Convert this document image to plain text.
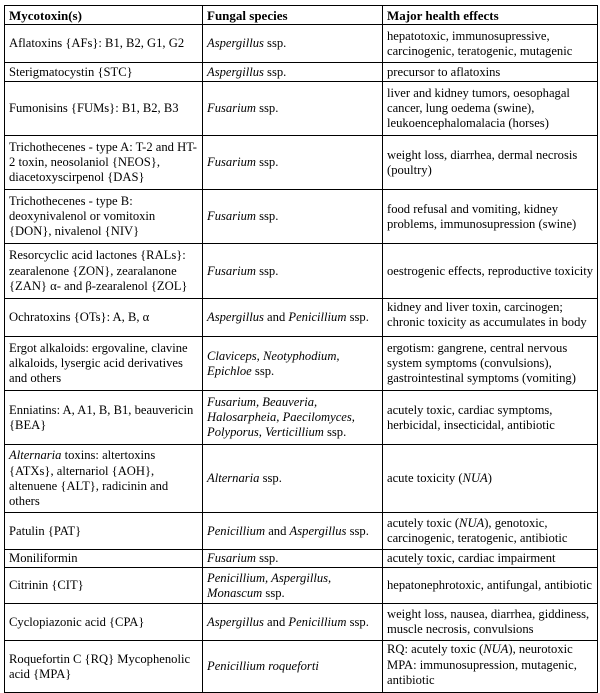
Mycotoxin(s)	Fungal species	Major health effects
Aflatoxins {AFs}: B1, B2, G1, G2	Aspergillus ssp.	hepatotoxic, immunosupressive, carcinogenic, teratogenic, mutagenic
Sterigmatocystin {STC}	Aspergillus ssp.	precursor to aflatoxins
Fumonisins {FUMs}: B1, B2, B3	Fusarium ssp.	liver and kidney tumors, oesophagal cancer, lung oedema (swine), leukoencephalomalacia (horses)
Trichothecenes - type A: T-2 and HT-2 toxin, neosolaniol {NEOS}, diacetoxyscirpenol {DAS}	Fusarium ssp.	weight loss, diarrhea, dermal necrosis (poultry)
Trichothecenes - type B: deoxynivalenol or vomitoxin {DON}, nivalenol {NIV}	Fusarium ssp.	food refusal and vomiting, kidney problems, immunosupression (swine)
Resorcyclic acid lactones {RALs}: zearalenone {ZON}, zearalanone {ZAN} α- and β-zearalenol {ZOL}	Fusarium ssp.	oestrogenic effects, reproductive toxicity
Ochratoxins {OTs}: A, B, α	Aspergillus and Penicillium ssp.	kidney and liver toxin, carcinogen; chronic toxicity as accumulates in body
Ergot alkaloids: ergovaline, clavine alkaloids, lysergic acid derivatives and others	Claviceps, Neotyphodium, Epichloe ssp.	ergotism: gangrene, central nervous system symptoms (convulsions), gastrointestinal symptoms (vomiting)
Enniatins: A, A1, B, B1, beauvericin {BEA}	Fusarium, Beauveria, Halosarpheia, Paecilomyces, Polyporus, Verticillium ssp.	acutely toxic, cardiac symptoms, herbicidal, insecticidal, antibiotic
Alternaria toxins: altertoxins {ATXs}, alternariol {AOH}, altenuene {ALT}, radicinin and others	Alternaria ssp.	acute toxicity (NUA)
Patulin {PAT}	Penicillium and Aspergillus ssp.	acutely toxic (NUA), genotoxic, carcinogenic, teratogenic, antibiotic
Moniliformin	Fusarium ssp.	acutely toxic, cardiac impairment
Citrinin {CIT}	Penicillium, Aspergillus, Monascum ssp.	hepatonephrotoxic, antifungal, antibiotic
Cyclopiazonic acid {CPA}	Aspergillus and Penicillium ssp.	weight loss, nausea, diarrhea, giddiness, muscle necrosis, convulsions
Roquefortin C {RQ} Mycophenolic acid {MPA}	Penicillium roqueforti	RQ: acutely toxic (NUA), neurotoxic MPA: immunosupression, mutagenic, antibiotic
